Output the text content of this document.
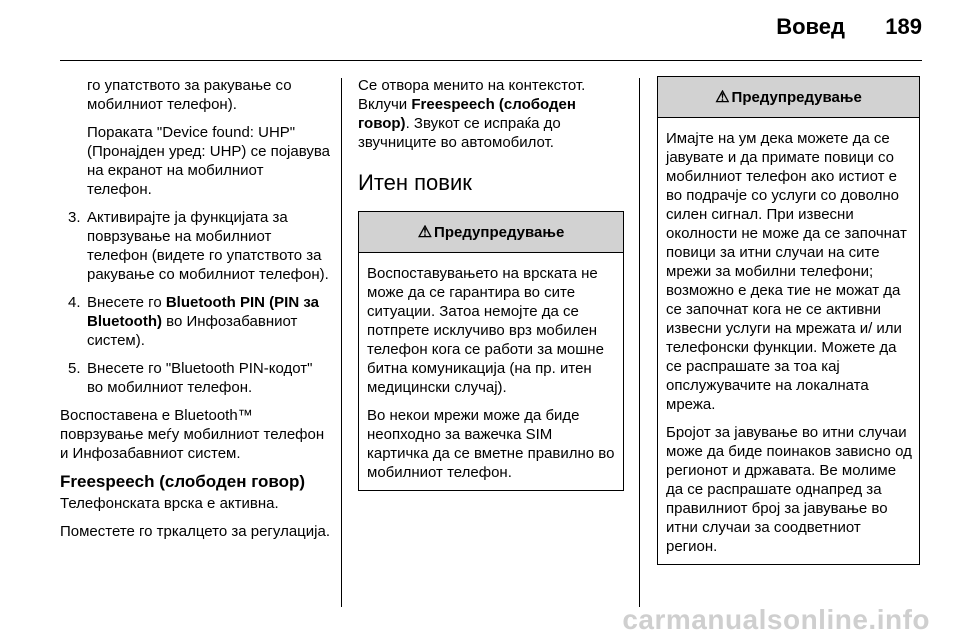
Вовед 189

го упатството за ракување со мобилниот телефон).

Пораката "Device found: UHP" (Пронајден уред: UHP) се појавува на екранот на мобилниот телефон.

3. Активирајте ја функцијата за поврзување на мобилниот телефон (видете го упатството за ракување со мобилниот телефон).
4. Внесете го Bluetooth PIN (PIN за Bluetooth) во Инфозабавниот систем).
5. Внесете го "Bluetooth PIN-кодот" во мобилниот телефон.

Воспоставена е Bluetooth™ поврзување меѓу мобилниот телефон и Инфозабавниот систем.

Freespeech (слободен говор)

Телефонската врска е активна.

Поместете го тркалцето за регулација.

Се отвора менито на контекстот. Вклучи Freespeech (слободен говор). Звукот се испраќа до звучниците во автомобилот.

Итен повик
⚠ Предупредување

Воспоставувањето на врската не може да се гарантира во сите ситуации. Затоа немојте да се потпрете исклучиво врз мобилен телефон кога се работи за мошне битна комуникација (на пр. итен медицински случај).

Во некои мрежи може да биде неопходно за важечка SIM картичка да се вметне правилно во мобилниот телефон.

⚠ Предупредување

Имајте на ум дека можете да се јавувате и да примате повици со мобилниот телефон ако истиот е во подрачје со услуги со доволно силен сигнал. При извесни околности не може да се започнат повици за итни случаи на сите мрежи за мобилни телефони; возможно е дека тие не можат да се започнат кога не се активни извесни услуги на мрежата и/ или телефонски функции. Можете да се распрашате за тоа кај опслужувачите на локалната мрежа.

Бројот за јавување во итни случаи може да биде поинаков зависно од регионот и државата. Ве молиме да се распрашате однапред за правилниот број за јавување во итни случаи за соодветниот регион.

carmanualsonline.info
